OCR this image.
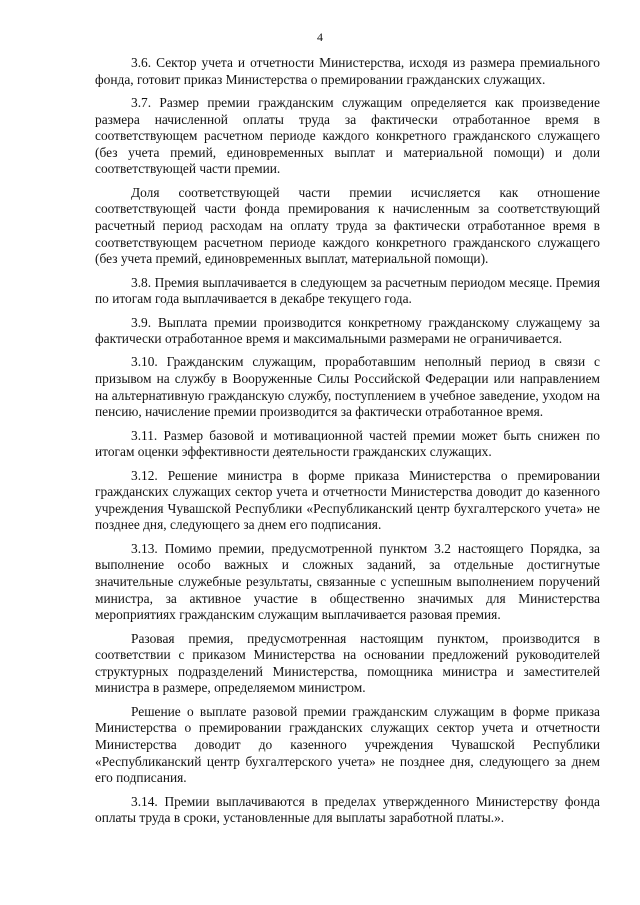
4

3.6. Сектор учета и отчетности Министерства, исходя из размера премиального фонда, готовит приказ Министерства о премировании гражданских служащих.

3.7. Размер премии гражданским служащим определяется как произведение размера начисленной оплаты труда за фактически отработанное время в соответствующем расчетном периоде каждого конкретного гражданского служащего (без учета премий, единовременных выплат и материальной помощи) и доли соответствующей части премии.

Доля соответствующей части премии исчисляется как отношение соответствующей части фонда премирования к начисленным за соответствующий расчетный период расходам на оплату труда за фактически отработанное время в соответствующем расчетном периоде каждого конкретного гражданского служащего (без учета премий, единовременных выплат, материальной помощи).

3.8. Премия выплачивается в следующем за расчетным периодом месяце. Премия по итогам года выплачивается в декабре текущего года.

3.9. Выплата премии производится конкретному гражданскому служащему за фактически отработанное время и максимальными размерами не ограничивается.

3.10. Гражданским служащим, проработавшим неполный период в связи с призывом на службу в Вооруженные Силы Российской Федерации или направлением на альтернативную гражданскую службу, поступлением в учебное заведение, уходом на пенсию, начисление премии производится за фактически отработанное время.

3.11. Размер базовой и мотивационной частей премии может быть снижен по итогам оценки эффективности деятельности гражданских служащих.

3.12. Решение министра в форме приказа Министерства о премировании гражданских служащих сектор учета и отчетности Министерства доводит до казенного учреждения Чувашской Республики «Республиканский центр бухгалтерского учета» не позднее дня, следующего за днем его подписания.

3.13. Помимо премии, предусмотренной пунктом 3.2 настоящего Порядка, за выполнение особо важных и сложных заданий, за отдельные достигнутые значительные служебные результаты, связанные с успешным выполнением поручений министра, за активное участие в общественно значимых для Министерства мероприятиях гражданским служащим выплачивается разовая премия.

Разовая премия, предусмотренная настоящим пунктом, производится в соответствии с приказом Министерства на основании предложений руководителей структурных подразделений Министерства, помощника министра и заместителей министра в размере, определяемом министром.

Решение о выплате разовой премии гражданским служащим в форме приказа Министерства о премировании гражданских служащих сектор учета и отчетности Министерства доводит до казенного учреждения Чувашской Республики «Республиканский центр бухгалтерского учета» не позднее дня, следующего за днем его подписания.

3.14. Премии выплачиваются в пределах утвержденного Министерству фонда оплаты труда в сроки, установленные для выплаты заработной платы.».
